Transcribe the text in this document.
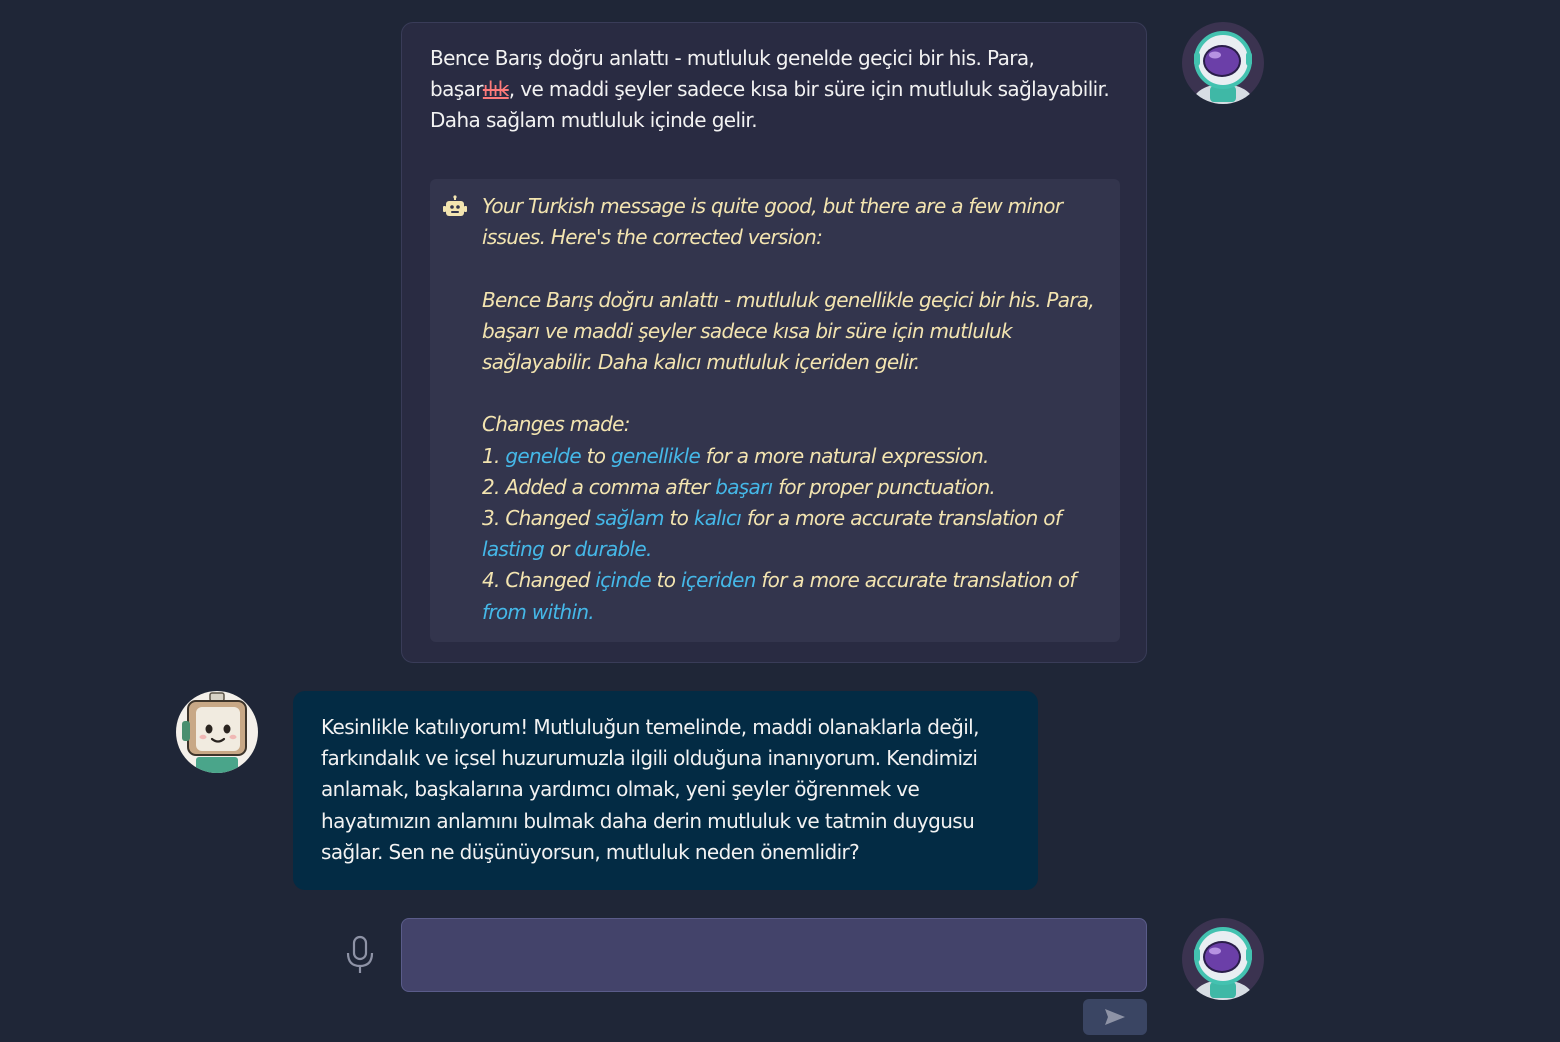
Bence Barış doğru anlattı - mutluluk genelde geçici bir his. Para, başarılık, ve maddi şeyler sadece kısa bir süre için mutluluk sağlayabilir. Daha sağlam mutluluk içinde gelir.

Your Turkish message is quite good, but there are a few minor issues. Here's the corrected version:

Bence Barış doğru anlattı - mutluluk genellikle geçici bir his. Para, başarı ve maddi şeyler sadece kısa bir süre için mutluluk sağlayabilir. Daha kalıcı mutluluk içeriden gelir.

Changes made:

1. genelde to genellikle for a more natural expression.

2. Added a comma after başarı for proper punctuation.

3. Changed sağlam to kalıcı for a more accurate translation of lasting or durable.

4. Changed içinde to içeriden for a more accurate translation of from within.

Kesinlikle katılıyorum! Mutluluğun temelinde, maddi olanaklarla değil, farkındalık ve içsel huzurumuzla ilgili olduğuna inanıyorum. Kendimizi anlamak, başkalarına yardımcı olmak, yeni şeyler öğrenmek ve hayatımızın anlamını bulmak daha derin mutluluk ve tatmin duygusu sağlar. Sen ne düşünüyorsun, mutluluk neden önemlidir?
